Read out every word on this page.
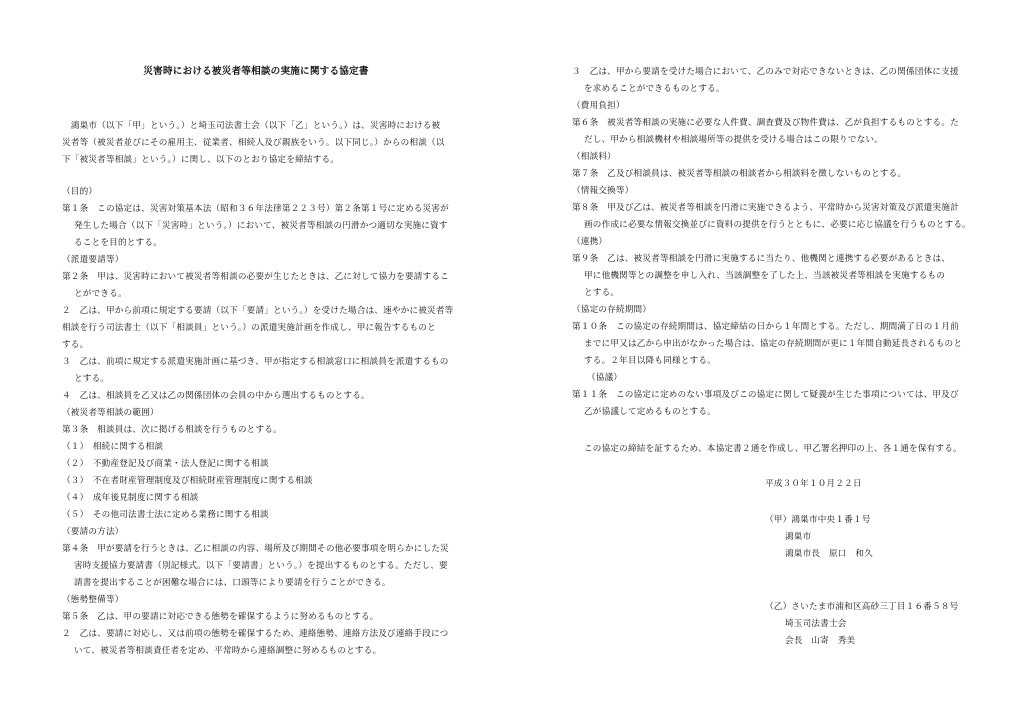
災害時における被災者等相談の実施に関する協定書
　鴻巣市（以下「甲」という。）と埼玉司法書士会（以下「乙」という。）は、災害時における被
災者等（被災者並びにその雇用主、従業者、相続人及び親族をいう。以下同じ。）からの相談（以
下「被災者等相談」という。）に関し、以下のとおり協定を締結する。
（目的）
第１条　この協定は、災害対策基本法（昭和３６年法律第２２３号）第２条第１号に定める災害が
発生した場合（以下「災害時」という。）において、被災者等相談の円滑かつ適切な実施に資す
ることを目的とする。
（派遣要請等）
第２条　甲は、災害時において被災者等相談の必要が生じたときは、乙に対して協力を要請するこ
とができる。
２　乙は、甲から前項に規定する要請（以下「要請」という。）を受けた場合は、速やかに被災者等
相談を行う司法書士（以下「相談員」という。）の派遣実施計画を作成し、甲に報告するものと
する。
３　乙は、前項に規定する派遣実施計画に基づき、甲が指定する相談窓口に相談員を派遣するもの
とする。
４　乙は、相談員を乙又は乙の関係団体の会員の中から選出するものとする。
（被災者等相談の範囲）
第３条　相談員は、次に掲げる相談を行うものとする。
（１）　相続に関する相談
（２）　不動産登記及び商業・法人登記に関する相談
（３）　不在者財産管理制度及び相続財産管理制度に関する相談
（４）　成年後見制度に関する相談
（５）　その他司法書士法に定める業務に関する相談
（要請の方法）
第４条　甲が要請を行うときは、乙に相談の内容、場所及び期間その他必要事項を明らかにした災
害時支援協力要請書（別記様式。以下「要請書」という。）を提出するものとする。ただし、要
請書を提出することが困難な場合には、口頭等により要請を行うことができる。
（態勢整備等）
第５条　乙は、甲の要請に対応できる態勢を確保するように努めるものとする。
２　乙は、要請に対応し、又は前項の態勢を確保するため、連絡態勢、連絡方法及び連絡手段につ
いて、被災者等相談責任者を定め、平常時から連絡調整に努めるものとする。
３　乙は、甲から要請を受けた場合において、乙のみで対応できないときは、乙の関係団体に支援
を求めることができるものとする。
（費用負担）
第６条　被災者等相談の実施に必要な人件費、調査費及び物件費は、乙が負担するものとする。た
だし、甲から相談機材や相談場所等の提供を受ける場合はこの限りでない。
（相談料）
第７条　乙及び相談員は、被災者等相談の相談者から相談料を徴しないものとする。
（情報交換等）
第８条　甲及び乙は、被災者等相談を円滑に実施できるよう、平常時から災害対策及び派遣実施計
画の作成に必要な情報交換並びに資料の提供を行うとともに、必要に応じ協議を行うものとする。
（連携）
第９条　乙は、被災者等相談を円滑に実施するに当たり、他機関と連携する必要があるときは、
甲に他機関等との調整を申し入れ、当該調整を了した上、当該被災者等相談を実施するもの
とする。
（協定の存続期間）
第１０条　この協定の存続期間は、協定締結の日から１年間とする。ただし、期間満了日の１月前
までに甲又は乙から申出がなかった場合は、協定の存続期間が更に１年間自動延長されるものと
する。２年目以降も同様とする。
（協議）
第１１条　この協定に定めのない事項及びこの協定に関して疑義が生じた事項については、甲及び
乙が協議して定めるものとする。
この協定の締結を証するため、本協定書２通を作成し、甲乙署名押印の上、各１通を保有する。
平成３０年１０月２２日
（甲）鴻巣市中央１番１号
鴻巣市
鴻巣市長　原口　和久
（乙）さいたま市浦和区高砂三丁目１６番５８号
埼玉司法書士会
会長　山寄　秀美
